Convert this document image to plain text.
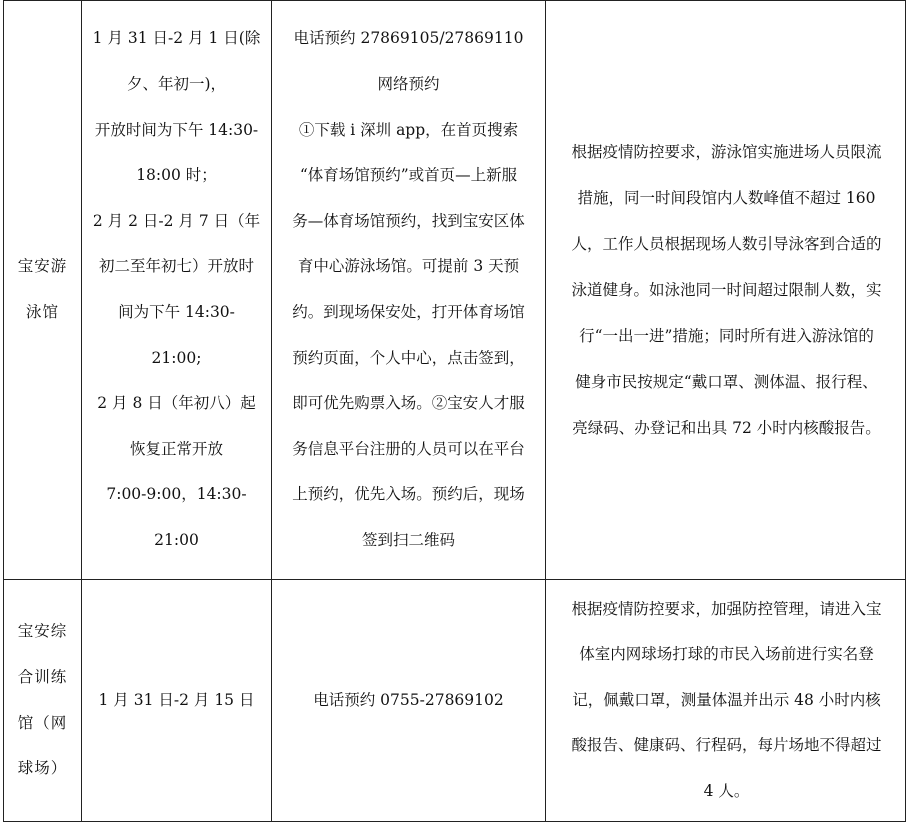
宝安游
泳馆
1 月 31 日-2 月 1 日(除
夕、年初一)，
开放时间为下午 14:30-
18:00 时；
2 月 2 日-2 月 7 日（年
初二至年初七）开放时
间为下午 14:30-
21:00;
2 月 8 日（年初八）起
恢复正常开放
7:00-9:00，14:30-
21:00
电话预约 27869105/27869110
网络预约
①下载 i 深圳 app，在首页搜索
“体育场馆预约”或首页—上新服
务—体育场馆预约，找到宝安区体
育中心游泳场馆。可提前 3 天预
约。到现场保安处，打开体育场馆
预约页面，个人中心，点击签到，
即可优先购票入场。②宝安人才服
务信息平台注册的人员可以在平台
上预约，优先入场。预约后，现场
签到扫二维码
根据疫情防控要求，游泳馆实施进场人员限流
措施，同一时间段馆内人数峰值不超过 160
人，工作人员根据现场人数引导泳客到合适的
泳道健身。如泳池同一时间超过限制人数，实
行“一出一进”措施；同时所有进入游泳馆的
健身市民按规定“戴口罩、测体温、报行程、
亮绿码、办登记和出具 72 小时内核酸报告。
宝安综
合训练
馆（网
球场）
1 月 31 日-2 月 15 日	电话预约 0755-27869102
根据疫情防控要求，加强防控管理，请进入宝
体室内网球场打球的市民入场前进行实名登
记，佩戴口罩，测量体温并出示 48 小时内核
酸报告、健康码、行程码，每片场地不得超过
4 人。
